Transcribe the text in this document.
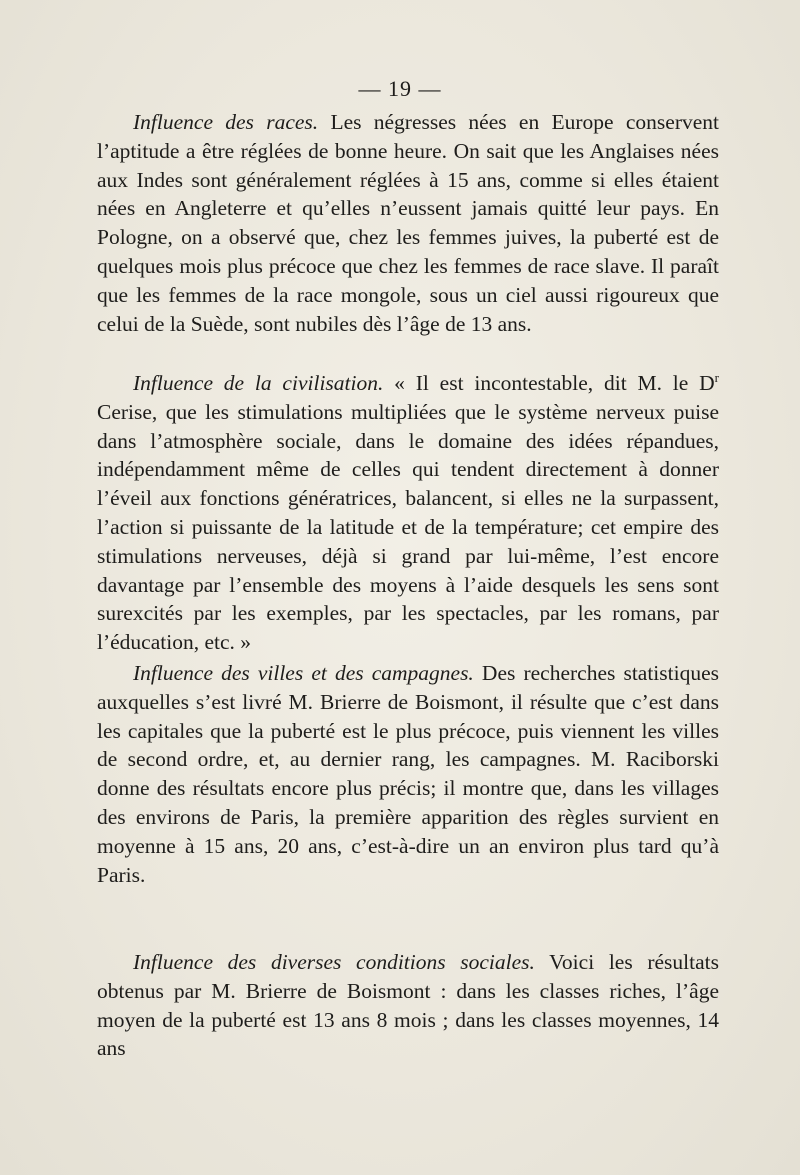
— 19 —

Influence des races. Les négresses nées en Europe conservent l’aptitude a être réglées de bonne heure. On sait que les Anglaises nées aux Indes sont généralement réglées à 15 ans, comme si elles étaient nées en Angleterre et qu’elles n’eussent jamais quitté leur pays. En Pologne, on a observé que, chez les femmes juives, la puberté est de quelques mois plus précoce que chez les femmes de race slave. Il paraît que les femmes de la race mongole, sous un ciel aussi rigoureux que celui de la Suède, sont nubiles dès l’âge de 13 ans.

Influence de la civilisation. « Il est incontestable, dit M. le $D^r$ Cerise, que les stimulations multipliées que le système nerveux puise dans l’atmosphère sociale, dans le domaine des idées répandues, indépendamment même de celles qui tendent directement à donner l’éveil aux fonctions génératrices, balancent, si elles ne la surpassent, l’action si puissante de la latitude et de la température; cet empire des stimulations nerveuses, déjà si grand par lui-même, l’est encore davantage par l’ensemble des moyens à l’aide desquels les sens sont surexcités par les exemples, par les spectacles, par les romans, par l’éducation, etc. »

Influence des villes et des campagnes. Des recherches statistiques auxquelles s’est livré M. Brierre de Boismont, il résulte que c’est dans les capitales que la puberté est le plus précoce, puis viennent les villes de second ordre, et, au dernier rang, les campagnes. M. Raciborski donne des résultats encore plus précis; il montre que, dans les villages des environs de Paris, la première apparition des règles survient en moyenne à 15 ans, 20 ans, c’est-à-dire un an environ plus tard qu’à Paris.

Influence des diverses conditions sociales. Voici les résultats obtenus par M. Brierre de Boismont : dans les classes riches, l’âge moyen de la puberté est 13 ans 8 mois ; dans les classes moyennes, 14 ans
